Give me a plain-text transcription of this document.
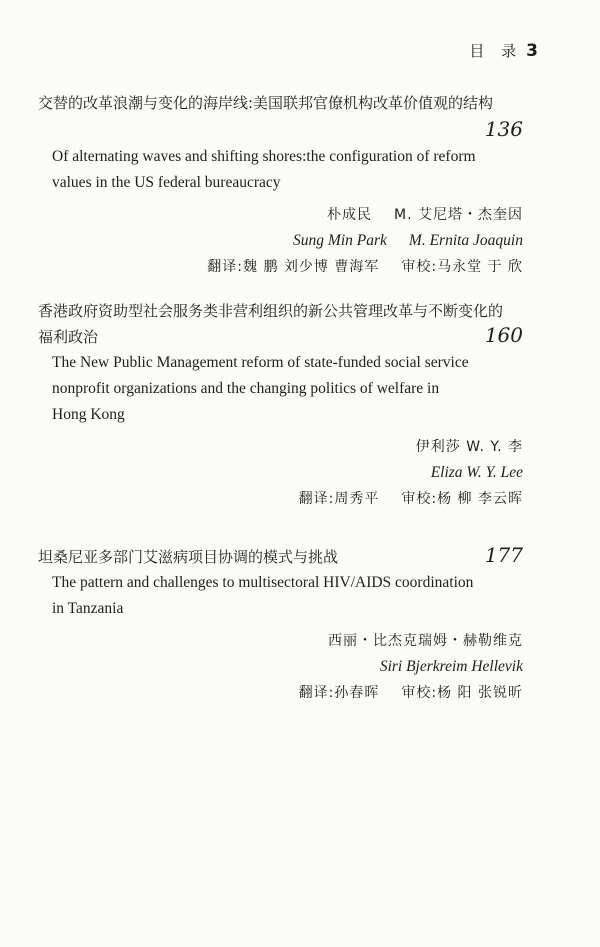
目 录 3
交替的改革浪潮与变化的海岸线:美国联邦官僚机构改革价值观的结构
136
Of alternating waves and shifting shores:the configuration of reform
values in the US federal bureaucracy
朴成民 M. 艾尼塔・杰奎因
Sung Min Park M. Ernita Joaquin
翻译:魏 鹏 刘少博 曹海军 审校:马永堂 于 欣
香港政府资助型社会服务类非营利组织的新公共管理改革与不断变化的
福利政治	160
The New Public Management reform of state-funded social service
nonprofit organizations and the changing politics of welfare in
Hong Kong
伊利莎 W. Y. 李
Eliza W. Y. Lee
翻译:周秀平 审校:杨 柳 李云晖
坦桑尼亚多部门艾滋病项目协调的模式与挑战	177
The pattern and challenges to multisectoral HIV/AIDS coordination
in Tanzania
西丽・比杰克瑞姆・赫勒维克
Siri Bjerkreim Hellevik
翻译:孙春晖 审校:杨 阳 张锐昕
